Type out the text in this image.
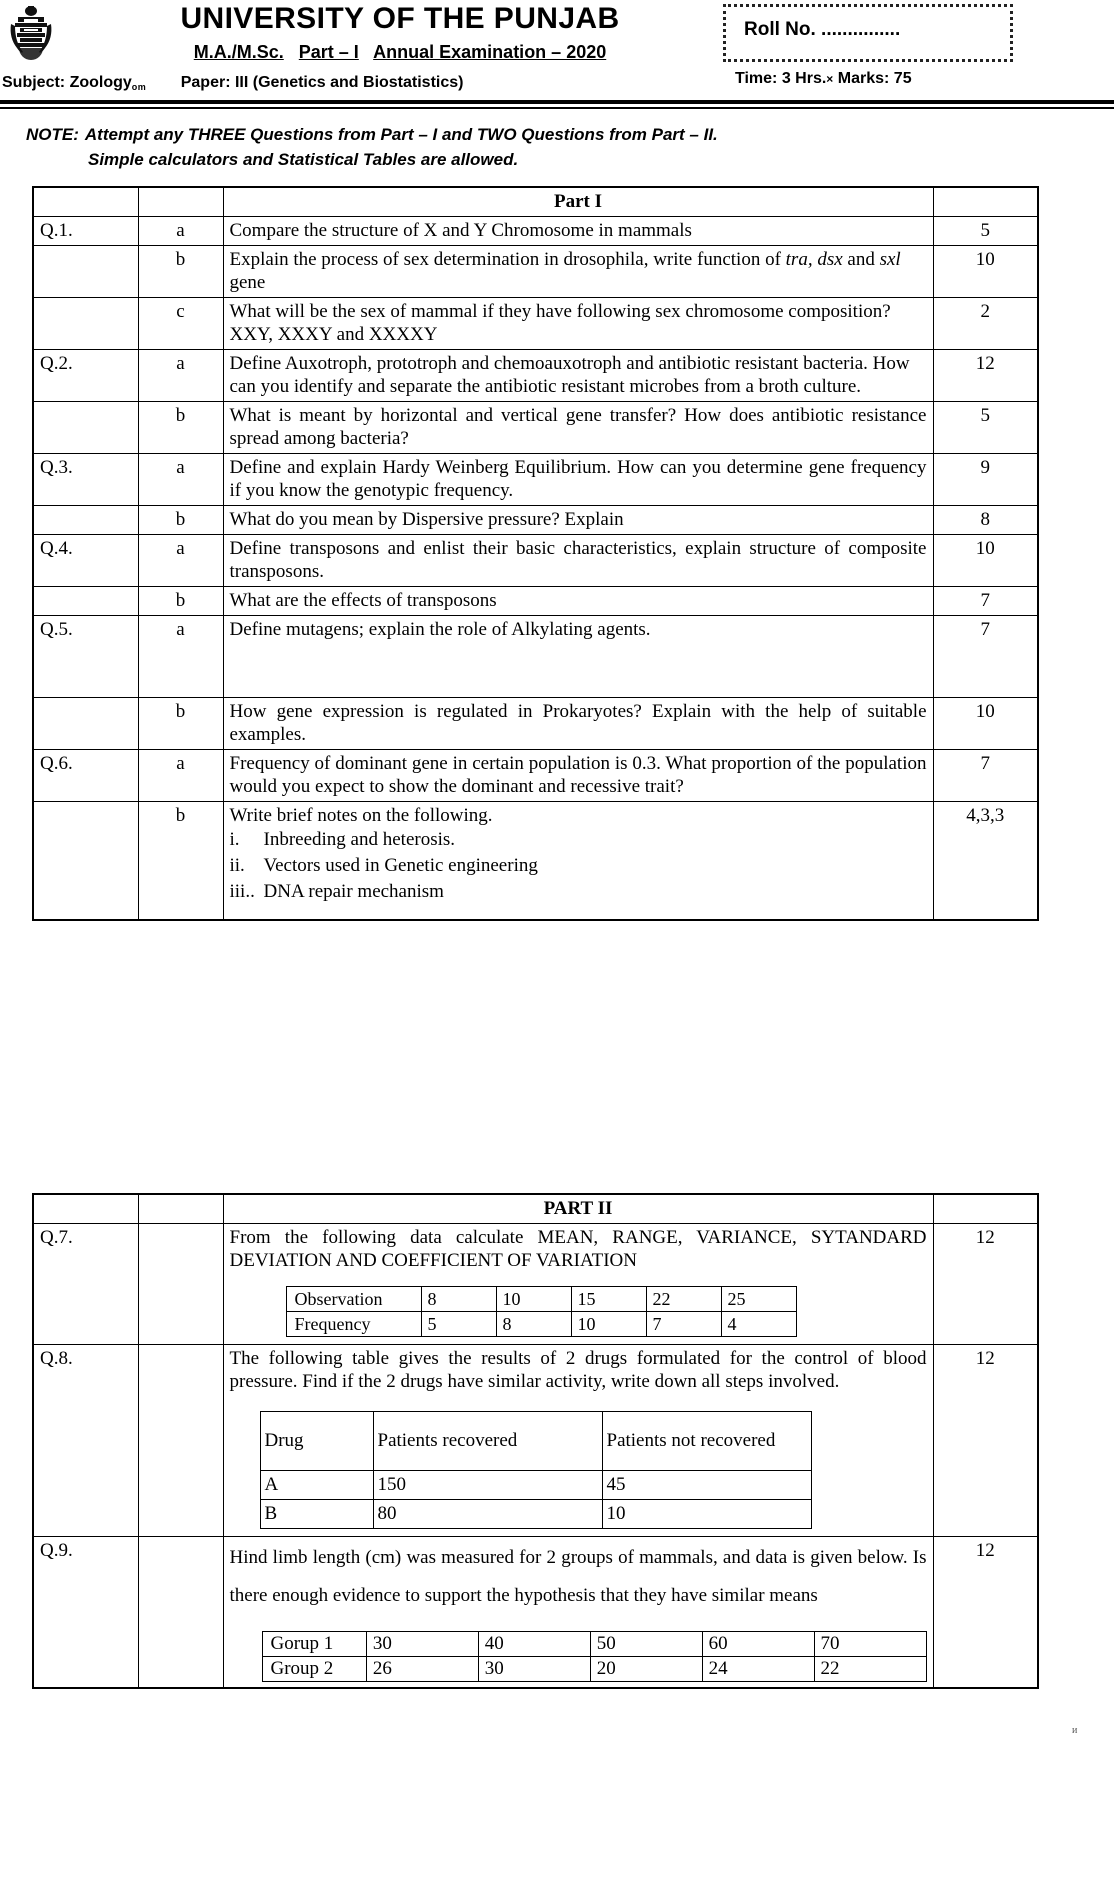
UNIVERSITY OF THE PUNJAB
M.A./M.Sc. Part – I Annual Examination – 2020
Subject: Zoologyom Paper: III (Genetics and Biostatistics)
Roll No. ...............
Time: 3 Hrs.× Marks: 75
NOTE: Attempt any THREE Questions from Part – I and TWO Questions from Part – II.
Simple calculators and Statistical Tables are allowed.
		Part I	
Q.1.	a	Compare the structure of X and Y Chromosome in mammals	5
	b	Explain the process of sex determination in drosophila, write function of tra, dsx and sxl gene	10
	c	What will be the sex of mammal if they have following sex chromosome composition? XXY, XXXY and XXXXY	2
Q.2.	a	Define Auxotroph, prototroph and chemoauxotroph and antibiotic resistant bacteria. How can you identify and separate the antibiotic resistant microbes from a broth culture.	12
	b	What is meant by horizontal and vertical gene transfer? How does antibiotic resistance spread among bacteria?	5
Q.3.	a	Define and explain Hardy Weinberg Equilibrium. How can you determine gene frequency if you know the genotypic frequency.	9
	b	What do you mean by Dispersive pressure? Explain	8
Q.4.	a	Define transposons and enlist their basic characteristics, explain structure of composite transposons.	10
	b	What are the effects of transposons	7
Q.5.	a	Define mutagens; explain the role of Alkylating agents.	7
	b	How gene expression is regulated in Prokaryotes? Explain with the help of suitable examples.	10
Q.6.	a	Frequency of dominant gene in certain population is 0.3. What proportion of the population would you expect to show the dominant and recessive trait?	7
	b	Write brief notes on the following.
i. Inbreeding and heterosis.
ii. Vectors used in Genetic engineering
iii.. DNA repair mechanism
	4,3,3
		PART II	
Q.7.		From the following data calculate MEAN, RANGE, VARIANCE, SYTANDARD DEVIATION AND COEFFICIENT OF VARIATION
Observation	8	10	15	22	25
Frequency	5	8	10	7	4
	12
Q.8.		The following table gives the results of 2 drugs formulated for the control of blood pressure. Find if the 2 drugs have similar activity, write down all steps involved.
Drug	Patients recovered	Patients not recovered
A	150	45
B	80	10
	12
Q.9.		Hind limb length (cm) was measured for 2 groups of mammals, and data is given below. Is there enough evidence to support the hypothesis that they have similar means

Gorup 1	30	40	50	60	70
Group 2	26	30	20	24	22
	12
ᴎ
